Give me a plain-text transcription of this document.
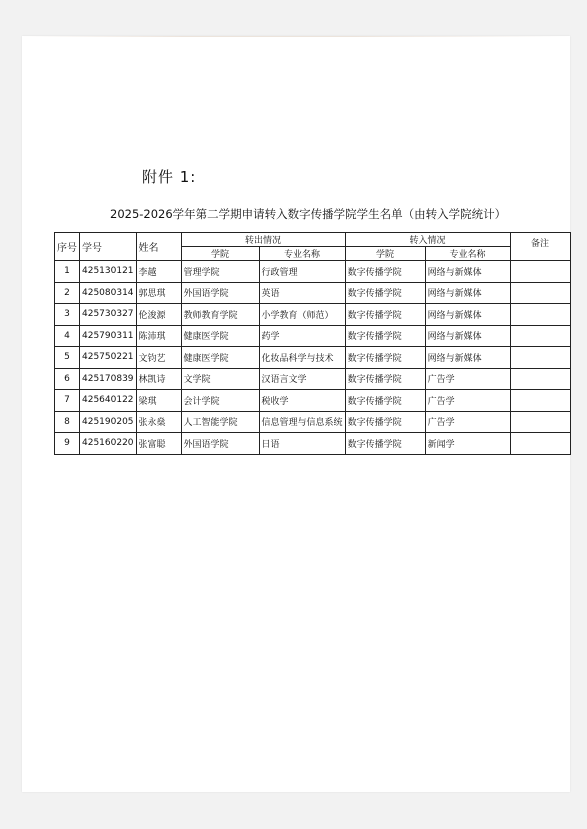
附件 1:
2025-2026学年第二学期申请转入数字传播学院学生名单（由转入学院统计）
序号	学号	姓名	转出情况		转入情况		备注
			学院	专业名称	学院	专业名称	
1	425130121	李越	管理学院	行政管理	数字传播学院	网络与新媒体	
2	425080314	郭思琪	外国语学院	英语	数字传播学院	网络与新媒体	
3	425730327	伦浚源	教师教育学院	小学教育（师范）	数字传播学院	网络与新媒体	
4	425790311	陈沛琪	健康医学院	药学	数字传播学院	网络与新媒体	
5	425750221	文钧艺	健康医学院	化妆品科学与技术	数字传播学院	网络与新媒体	
6	425170839	林凯诗	文学院	汉语言文学	数字传播学院	广告学	
7	425640122	梁琪	会计学院	税收学	数字传播学院	广告学	
8	425190205	张永燊	人工智能学院	信息管理与信息系统	数字传播学院	广告学	
9	425160220	张富聪	外国语学院	日语	数字传播学院	新闻学	
